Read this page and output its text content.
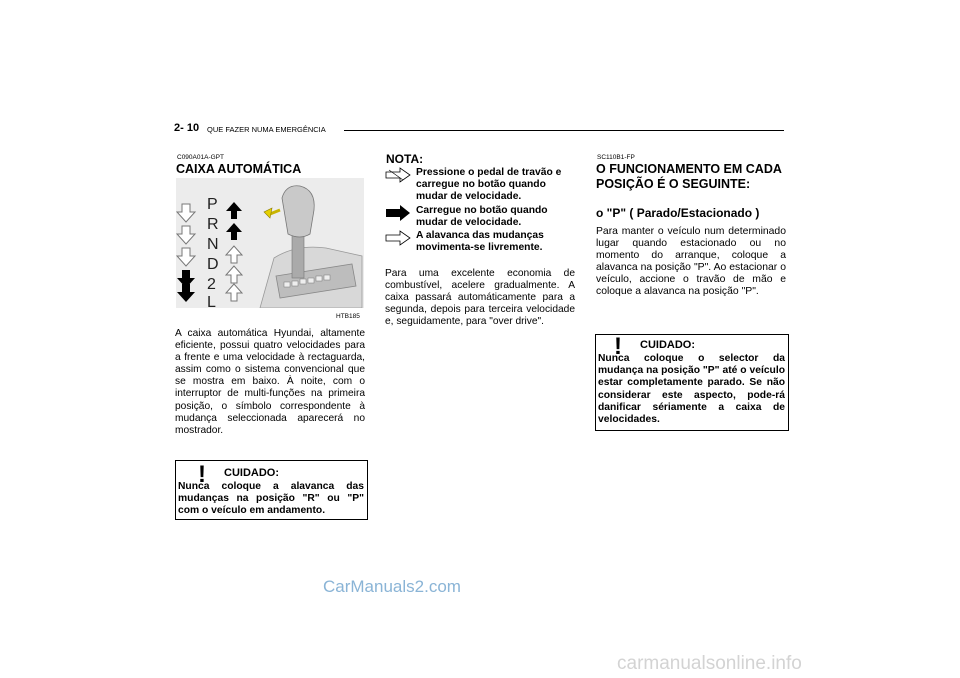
2- 10 QUE FAZER NUMA EMERGÊNCIA
C090A01A-GPT
CAIXA AUTOMÁTICA
P
R
N
D
2
L
HTB185
A caixa automática Hyundai, altamente eficiente, possui quatro velocidades para a frente e uma velocidade à rectaguarda, assim como o sistema convencional que se mostra em baixo. À noite, com o interruptor de multi-funções na primeira posição, o símbolo correspondente à mudança seleccionada aparecerá no mostrador.
! CUIDADO:
Nunca coloque a alavanca das mudanças na posição "R" ou "P" com o veículo em andamento.
NOTA:
Pressione o pedal de travão e carregue no botão quando mudar de velocidade.
Carregue no botão quando mudar de velocidade.
A alavanca das mudanças movimenta-se livremente.
Para uma excelente economia de combustível, acelere gradualmente. A caixa passará automáticamente para a segunda, depois para terceira velocidade e, seguidamente, para "over drive".
SC110B1-FP
O FUNCIONAMENTO EM CADA POSIÇÃO É O SEGUINTE:
o "P" ( Parado/Estacionado )
Para manter o veículo num determinado lugar quando estacionado ou no momento do arranque, coloque a alavanca na posição "P". Ao estacionar o veículo, accione o travão de mão e coloque a alavanca na posição "P".
! CUIDADO:
Nunca coloque o selector da mudança na posição "P" até o veículo estar completamente parado. Se não considerar este aspecto, pode-rá danificar sériamente a caixa de velocidades.
CarManuals2.com
carmanualsonline.info
